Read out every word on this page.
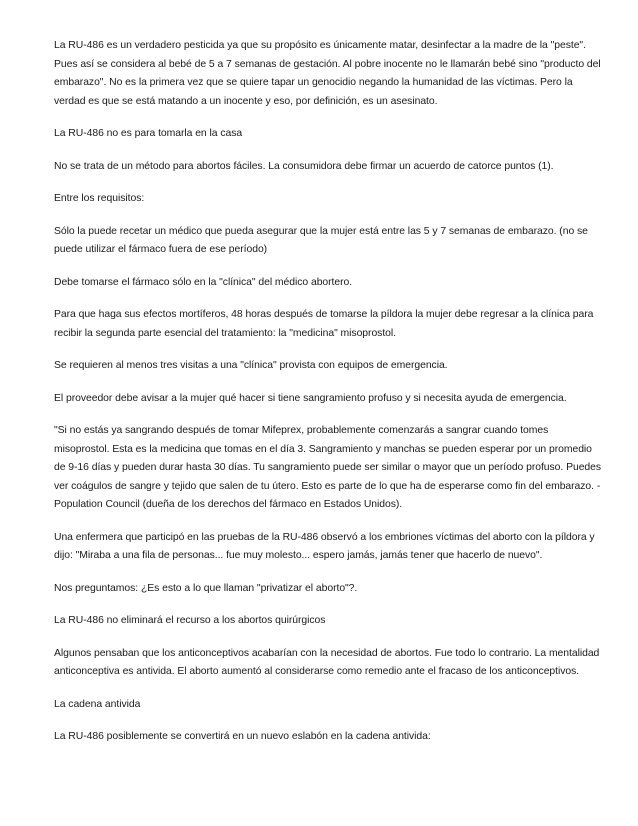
La RU-486 es un verdadero pesticida ya que su propósito es únicamente matar, desinfectar a la madre de la "peste". Pues así se considera al bebé de 5 a 7 semanas de gestación. Al pobre inocente no le llamarán bebé sino "producto del embarazo". No es la primera vez que se quiere tapar un genocidio negando la humanidad de las víctimas. Pero la verdad es que se está matando a un inocente y eso, por definición, es un asesinato.

La RU-486 no es para tomarla en la casa

No se trata de un método para abortos fáciles. La consumidora debe firmar un acuerdo de catorce puntos (1).

Entre los requisitos:

Sólo la puede recetar un médico que pueda asegurar que la mujer está entre las 5 y 7 semanas de embarazo. (no se puede utilizar el fármaco fuera de ese período)

Debe tomarse el fármaco sólo en la "clínica" del médico abortero.

Para que haga sus efectos mortíferos, 48 horas después de tomarse la píldora la mujer debe regresar a la clínica para recibir la segunda parte esencial del tratamiento: la "medicina" misoprostol.

Se requieren al menos tres visitas a una "clínica" provista con equipos de emergencia.

El proveedor debe avisar a la mujer qué hacer si tiene sangramiento profuso y si necesita ayuda de emergencia.

"Si no estás ya sangrando después de tomar Mifeprex, probablemente comenzarás a sangrar cuando tomes misoprostol. Esta es la medicina que tomas en el día 3. Sangramiento y manchas se pueden esperar por un promedio de 9-16 días y pueden durar hasta 30 días. Tu sangramiento puede ser similar o mayor que un período profuso. Puedes ver coágulos de sangre y tejido que salen de tu útero. Esto es parte de lo que ha de esperarse como fin del embarazo. -Population Council (dueña de los derechos del fármaco en Estados Unidos).

Una enfermera que participó en las pruebas de la RU-486 observó a los embriones víctimas del aborto con la píldora y dijo: "Miraba a una fila de personas... fue muy molesto... espero jamás, jamás tener que hacerlo de nuevo".

Nos preguntamos: ¿Es esto a lo que llaman "privatizar el aborto"?.

La RU-486 no eliminará el recurso a los abortos quirúrgicos

Algunos pensaban que los anticonceptivos acabarían con la necesidad de abortos. Fue todo lo contrario. La mentalidad anticonceptiva es antivida. El aborto aumentó al considerarse como remedio ante el fracaso de los anticonceptivos.

La cadena antivida

La RU-486 posiblemente se convertirá en un nuevo eslabón en la cadena antivida:
